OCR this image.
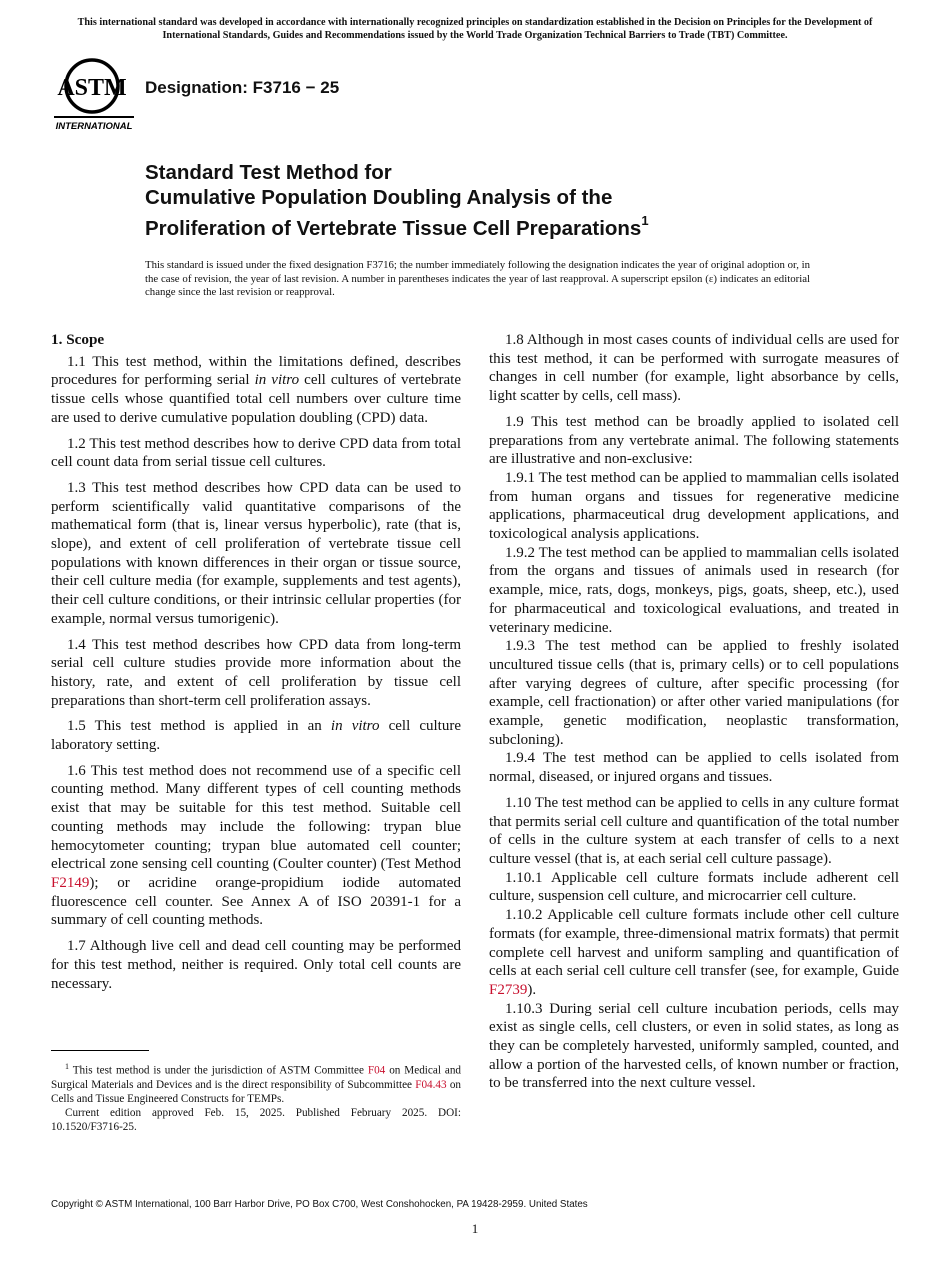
This international standard was developed in accordance with internationally recognized principles on standardization established in the Decision on Principles for the Development of International Standards, Guides and Recommendations issued by the World Trade Organization Technical Barriers to Trade (TBT) Committee.
ASTM
INTERNATIONAL
Designation: F3716 − 25
Standard Test Method for
Cumulative Population Doubling Analysis of the
Proliferation of Vertebrate Tissue Cell Preparations$^1$
This standard is issued under the fixed designation F3716; the number immediately following the designation indicates the year of original adoption or, in the case of revision, the year of last revision. A number in parentheses indicates the year of last reapproval. A superscript epsilon (ε) indicates an editorial change since the last revision or reapproval.
1. Scope

1.1 This test method, within the limitations defined, describes procedures for performing serial in vitro cell cultures of vertebrate tissue cells whose quantified total cell numbers over culture time are used to derive cumulative population doubling (CPD) data.

1.2 This test method describes how to derive CPD data from total cell count data from serial tissue cell cultures.

1.3 This test method describes how CPD data can be used to perform scientifically valid quantitative comparisons of the mathematical form (that is, linear versus hyperbolic), rate (that is, slope), and extent of cell proliferation of vertebrate tissue cell populations with known differences in their organ or tissue source, their cell culture media (for example, supplements and test agents), their cell culture conditions, or their intrinsic cellular properties (for example, normal versus tumorigenic).

1.4 This test method describes how CPD data from long-term serial cell culture studies provide more information about the history, rate, and extent of cell proliferation by tissue cell preparations than short-term cell proliferation assays.

1.5 This test method is applied in an in vitro cell culture laboratory setting.

1.6 This test method does not recommend use of a specific cell counting method. Many different types of cell counting methods exist that may be suitable for this test method. Suitable cell counting methods may include the following: trypan blue hemocytometer counting; trypan blue automated cell counter; electrical zone sensing cell counting (Coulter counter) (Test Method F2149); or acridine orange-propidium iodide automated fluorescence cell counter. See Annex A of ISO 20391-1 for a summary of cell counting methods.

1.7 Although live cell and dead cell counting may be performed for this test method, neither is required. Only total cell counts are necessary.

1.8 Although in most cases counts of individual cells are used for this test method, it can be performed with surrogate measures of changes in cell number (for example, light absorbance by cells, light scatter by cells, cell mass).

1.9 This test method can be broadly applied to isolated cell preparations from any vertebrate animal. The following statements are illustrative and non-exclusive:

1.9.1 The test method can be applied to mammalian cells isolated from human organs and tissues for regenerative medicine applications, pharmaceutical drug development applications, and toxicological analysis applications.

1.9.2 The test method can be applied to mammalian cells isolated from the organs and tissues of animals used in research (for example, mice, rats, dogs, monkeys, pigs, goats, sheep, etc.), used for pharmaceutical and toxicological evaluations, and treated in veterinary medicine.

1.9.3 The test method can be applied to freshly isolated uncultured tissue cells (that is, primary cells) or to cell populations after varying degrees of culture, after specific processing (for example, cell fractionation) or after other varied manipulations (for example, genetic modification, neoplastic transformation, subcloning).

1.9.4 The test method can be applied to cells isolated from normal, diseased, or injured organs and tissues.

1.10 The test method can be applied to cells in any culture format that permits serial cell culture and quantification of the total number of cells in the culture system at each transfer of cells to a next culture vessel (that is, at each serial cell culture passage).

1.10.1 Applicable cell culture formats include adherent cell culture, suspension cell culture, and microcarrier cell culture.

1.10.2 Applicable cell culture formats include other cell culture formats (for example, three-dimensional matrix formats) that permit complete cell harvest and uniform sampling and quantification of cells at each serial cell culture cell transfer (see, for example, Guide F2739).

1.10.3 During serial cell culture incubation periods, cells may exist as single cells, cell clusters, or even in solid states, as long as they can be completely harvested, uniformly sampled, counted, and allow a portion of the harvested cells, of known number or fraction, to be transferred into the next culture vessel.

$^1$ This test method is under the jurisdiction of ASTM Committee F04 on Medical and Surgical Materials and Devices and is the direct responsibility of Subcommittee F04.43 on Cells and Tissue Engineered Constructs for TEMPs.

Current edition approved Feb. 15, 2025. Published February 2025. DOI: 10.1520/F3716-25.

Copyright © ASTM International, 100 Barr Harbor Drive, PO Box C700, West Conshohocken, PA 19428-2959. United States
1
